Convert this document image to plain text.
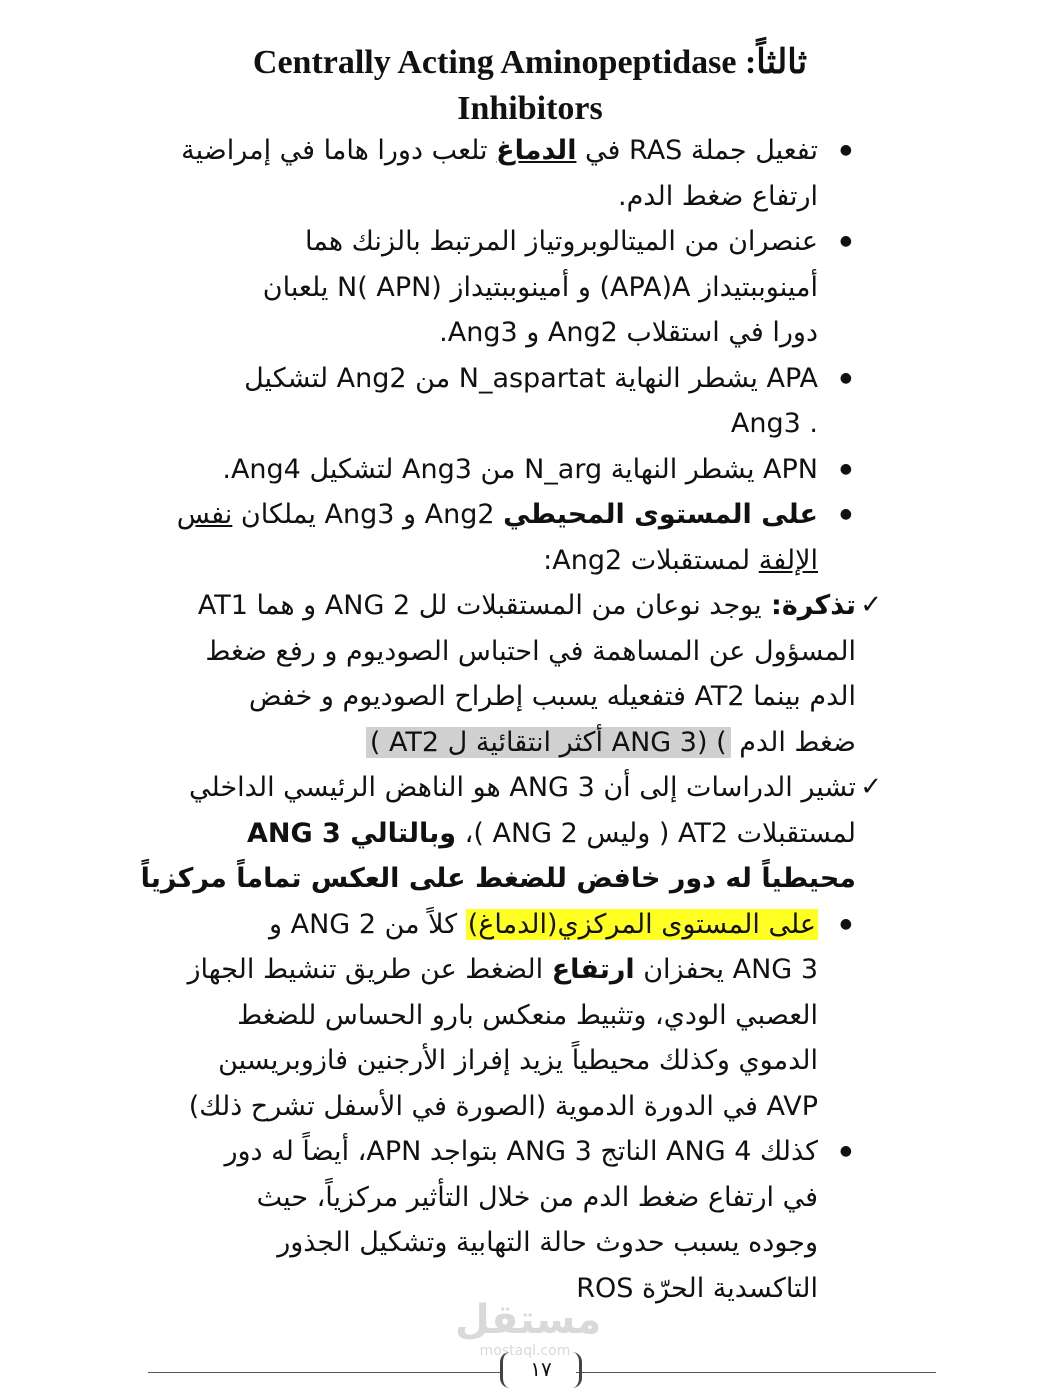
Centrally Acting Aminopeptidase :ثالثاً
Inhibitors
● تفعيل جملة RAS في الدماغ تلعب دورا هاما في إمراضية
ارتفاع ضغط الدم.
● عنصران من الميتالوبروتياز المرتبط بالزنك هما
أمينوببتيداز APA)A) و أمينوببتيداز N( APN) يلعبان
دورا في استقلاب Ang2 و Ang3.
● APA يشطر النهاية N_aspartat من Ang2 لتشكيل
. Ang3
● APN يشطر النهاية N_arg من Ang3 لتشكيل Ang4.
● على المستوى المحيطي Ang2 و Ang3 يملكان نفس
الإلفة لمستقبلات Ang2:
✓ تذكرة: يوجد نوعان من المستقبلات لل ANG 2 و هما AT1
المسؤول عن المساهمة في احتباس الصوديوم و رفع ضغط
الدم بينما AT2 فتفعيله يسبب إطراح الصوديوم و خفض
ضغط الدم ) (ANG 3 أكثر انتقائية ل AT2 )
✓ تشير الدراسات إلى أن ANG 3 هو الناهض الرئيسي الداخلي
لمستقبلات AT2 ( وليس ANG 2 )، وبالتالي ANG 3
محيطياً له دور خافض للضغط على العكس تماماً مركزياً
● على المستوى المركزي(الدماغ) كلاً من ANG 2 و
ANG 3 يحفزان ارتفاع الضغط عن طريق تنشيط الجهاز
العصبي الودي، وتثبيط منعكس بارو الحساس للضغط
الدموي وكذلك محيطياً يزيد إفراز الأرجنين فازوبريسين
AVP في الدورة الدموية (الصورة في الأسفل تشرح ذلك)
● كذلك ANG 4 الناتج ANG 3 بتواجد APN، أيضاً له دور
في ارتفاع ضغط الدم من خلال التأثير مركزياً، حيث
وجوده يسبب حدوث حالة التهابية وتشكيل الجذور
التاكسدية الحرّة ROS
مستقل
mostaql.com
١٧
